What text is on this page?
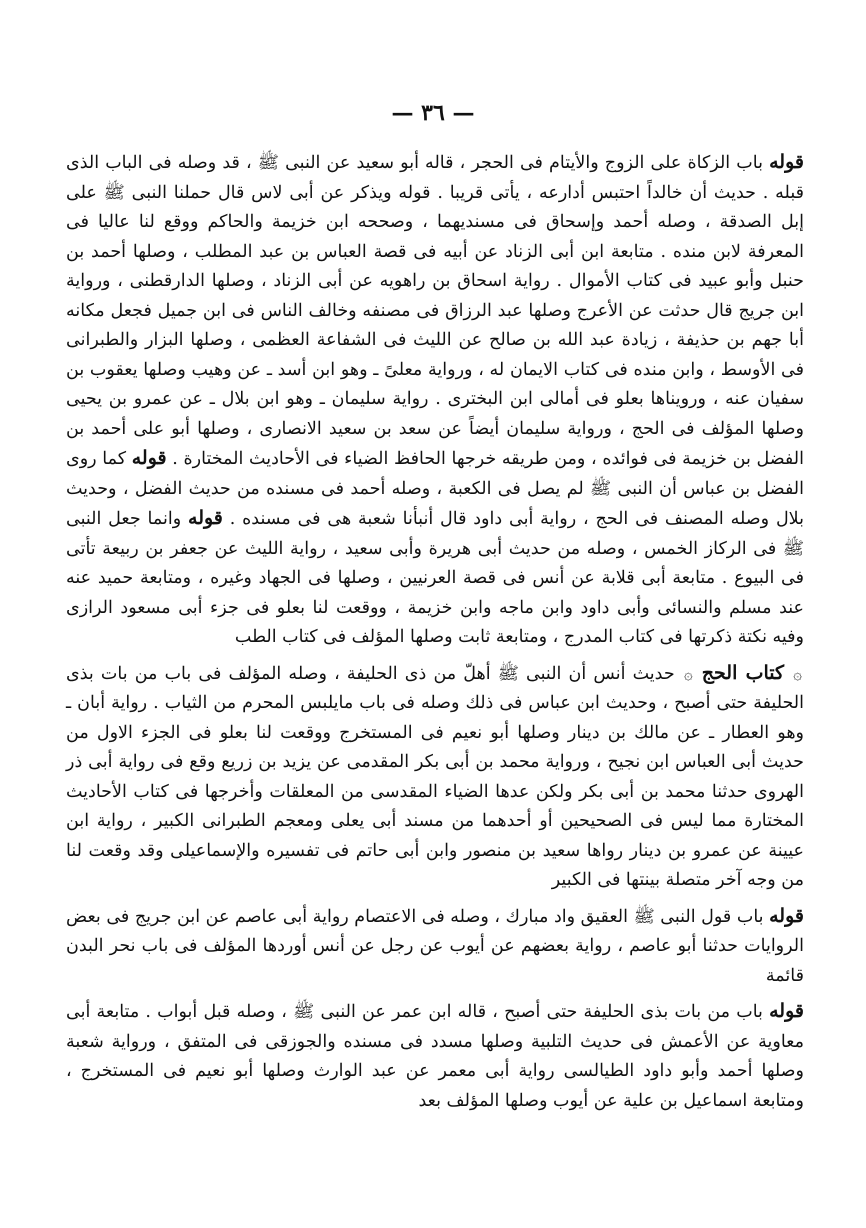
— ٣٦ —

قوله باب الزكاة على الزوج والأيتام فى الحجر ، قاله أبو سعيد عن النبى ﷺ ، قد وصله فى الباب الذى قبله . حديث أن خالداً احتبس أدارعه ، يأتى قريبا . قوله ويذكر عن أبى لاس قال حملنا النبى ﷺ على إبل الصدقة ، وصله أحمد وإسحاق فى مسنديهما ، وصححه ابن خزيمة والحاكم ووقع لنا عاليا فى المعرفة لابن منده . متابعة ابن أبى الزناد عن أبيه فى قصة العباس بن عبد المطلب ، وصلها أحمد بن حنبل وأبو عبيد فى كتاب الأموال . رواية اسحاق بن راهويه عن أبى الزناد ، وصلها الدارقطنى ، ورواية ابن جريج قال حدثت عن الأعرج وصلها عبد الرزاق فى مصنفه وخالف الناس فى ابن جميل فجعل مكانه أبا جهم بن حذيفة ، زيادة عبد الله بن صالح عن الليث فى الشفاعة العظمى ، وصلها البزار والطبرانى فى الأوسط ، وابن منده فى كتاب الايمان له ، ورواية معلىً ـ وهو ابن أسد ـ عن وهيب وصلها يعقوب بن سفيان عنه ، ورويناها بعلو فى أمالى ابن البخترى . رواية سليمان ـ وهو ابن بلال ـ عن عمرو بن يحيى وصلها المؤلف فى الحج ، ورواية سليمان أيضاً عن سعد بن سعيد الانصارى ، وصلها أبو على أحمد بن الفضل بن خزيمة فى فوائده ، ومن طريقه خرجها الحافظ الضياء فى الأحاديث المختارة . قوله كما روى الفضل بن عباس أن النبى ﷺ لم يصل فى الكعبة ، وصله أحمد فى مسنده من حديث الفضل ، وحديث بلال وصله المصنف فى الحج ، رواية أبى داود قال أنبأنا شعبة هى فى مسنده . قوله وانما جعل النبى ﷺ فى الركاز الخمس ، وصله من حديث أبى هريرة وأبى سعيد ، رواية الليث عن جعفر بن ربيعة تأتى فى البيوع . متابعة أبى قلابة عن أنس فى قصة العرنيين ، وصلها فى الجهاد وغيره ، ومتابعة حميد عنه عند مسلم والنسائى وأبى داود وابن ماجه وابن خزيمة ، ووقعت لنا بعلو فى جزء أبى مسعود الرازى وفيه نكتة ذكرتها فى كتاب المدرج ، ومتابعة ثابت وصلها المؤلف فى كتاب الطب

۞ كتاب الحج ۞ حديث أنس أن النبى ﷺ أهلّ من ذى الحليفة ، وصله المؤلف فى باب من بات بذى الحليفة حتى أصبح ، وحديث ابن عباس فى ذلك وصله فى باب مايلبس المحرم من الثياب . رواية أبان ـ وهو العطار ـ عن مالك بن دينار وصلها أبو نعيم فى المستخرج ووقعت لنا بعلو فى الجزء الاول من حديث أبى العباس ابن نجيح ، ورواية محمد بن أبى بكر المقدمى عن يزيد بن زريع وقع فى رواية أبى ذر الهروى حدثنا محمد بن أبى بكر ولكن عدها الضياء المقدسى من المعلقات وأخرجها فى كتاب الأحاديث المختارة مما ليس فى الصحيحين أو أحدهما من مسند أبى يعلى ومعجم الطبرانى الكبير ، رواية ابن عيينة عن عمرو بن دينار رواها سعيد بن منصور وابن أبى حاتم فى تفسيره والإسماعيلى وقد وقعت لنا من وجه آخر متصلة بينتها فى الكبير

قوله باب قول النبى ﷺ العقيق واد مبارك ، وصله فى الاعتصام رواية أبى عاصم عن ابن جريج فى بعض الروايات حدثنا أبو عاصم ، رواية بعضهم عن أيوب عن رجل عن أنس أوردها المؤلف فى باب نحر البدن قائمة

قوله باب من بات بذى الحليفة حتى أصبح ، قاله ابن عمر عن النبى ﷺ ، وصله قبل أبواب . متابعة أبى معاوية عن الأعمش فى حديث التلبية وصلها مسدد فى مسنده والجوزقى فى المتفق ، ورواية شعبة وصلها أحمد وأبو داود الطيالسى رواية أبى معمر عن عبد الوارث وصلها أبو نعيم فى المستخرج ، ومتابعة اسماعيل بن علية عن أيوب وصلها المؤلف بعد
